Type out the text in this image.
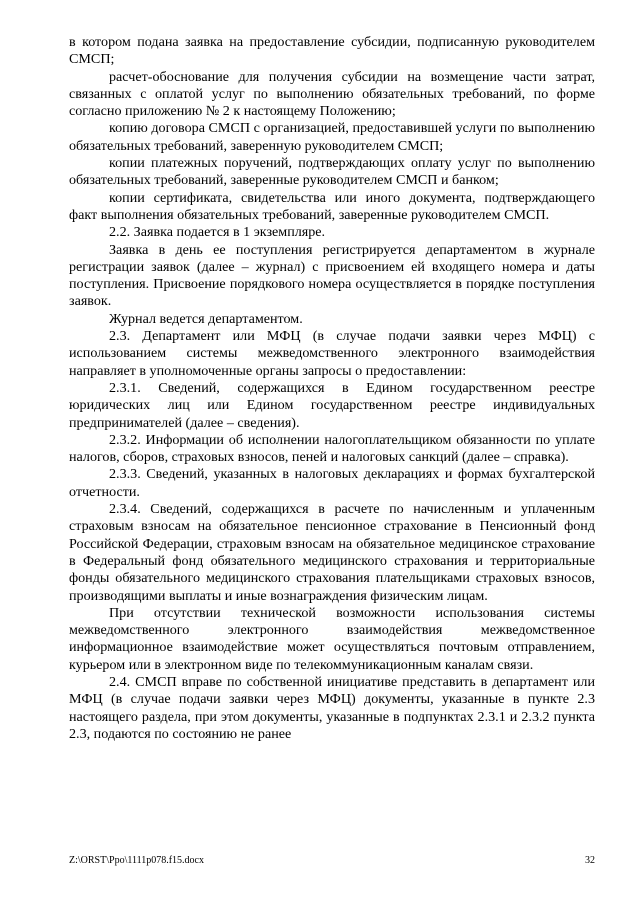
в котором подана заявка на предоставление субсидии, подписанную руководителем СМСП;

расчет-обоснование для получения субсидии на возмещение части затрат, связанных с оплатой услуг по выполнению обязательных требований, по форме согласно приложению № 2 к настоящему Положению;

копию договора СМСП с организацией, предоставившей услуги по выполнению обязательных требований, заверенную руководителем СМСП;

копии платежных поручений, подтверждающих оплату услуг по выполнению обязательных требований, заверенные руководителем СМСП и банком;

копии сертификата, свидетельства или иного документа, подтверждающего факт выполнения обязательных требований, заверенные руководителем СМСП.

2.2. Заявка подается в 1 экземпляре.

Заявка в день ее поступления регистрируется департаментом в журнале регистрации заявок (далее – журнал) с присвоением ей входящего номера и даты поступления. Присвоение порядкового номера осуществляется в порядке поступления заявок.

Журнал ведется департаментом.

2.3. Департамент или МФЦ (в случае подачи заявки через МФЦ) с использованием системы межведомственного электронного взаимодействия направляет в уполномоченные органы запросы о предоставлении:

2.3.1. Сведений, содержащихся в Едином государственном реестре юридических лиц или Едином государственном реестре индивидуальных предпринимателей (далее – сведения).

2.3.2. Информации об исполнении налогоплательщиком обязанности по уплате налогов, сборов, страховых взносов, пеней и налоговых санкций (далее – справка).

2.3.3. Сведений, указанных в налоговых декларациях и формах бухгалтерской отчетности.

2.3.4. Сведений, содержащихся в расчете по начисленным и уплаченным страховым взносам на обязательное пенсионное страхование в Пенсионный фонд Российской Федерации, страховым взносам на обязательное медицинское страхование в Федеральный фонд обязательного медицинского страхования и территориальные фонды обязательного медицинского страхования плательщиками страховых взносов, производящими выплаты и иные вознаграждения физическим лицам.

При отсутствии технической возможности использования системы межведомственного электронного взаимодействия межведомственное информационное взаимодействие может осуществляться почтовым отправлением, курьером или в электронном виде по телекоммуникационным каналам связи.

2.4. СМСП вправе по собственной инициативе представить в департамент или МФЦ (в случае подачи заявки через МФЦ) документы, указанные в пункте 2.3 настоящего раздела, при этом документы, указанные в подпунктах 2.3.1 и 2.3.2 пункта 2.3, подаются по состоянию не ранее

Z:\ORST\Ppo\1111p078.f15.docx	32
